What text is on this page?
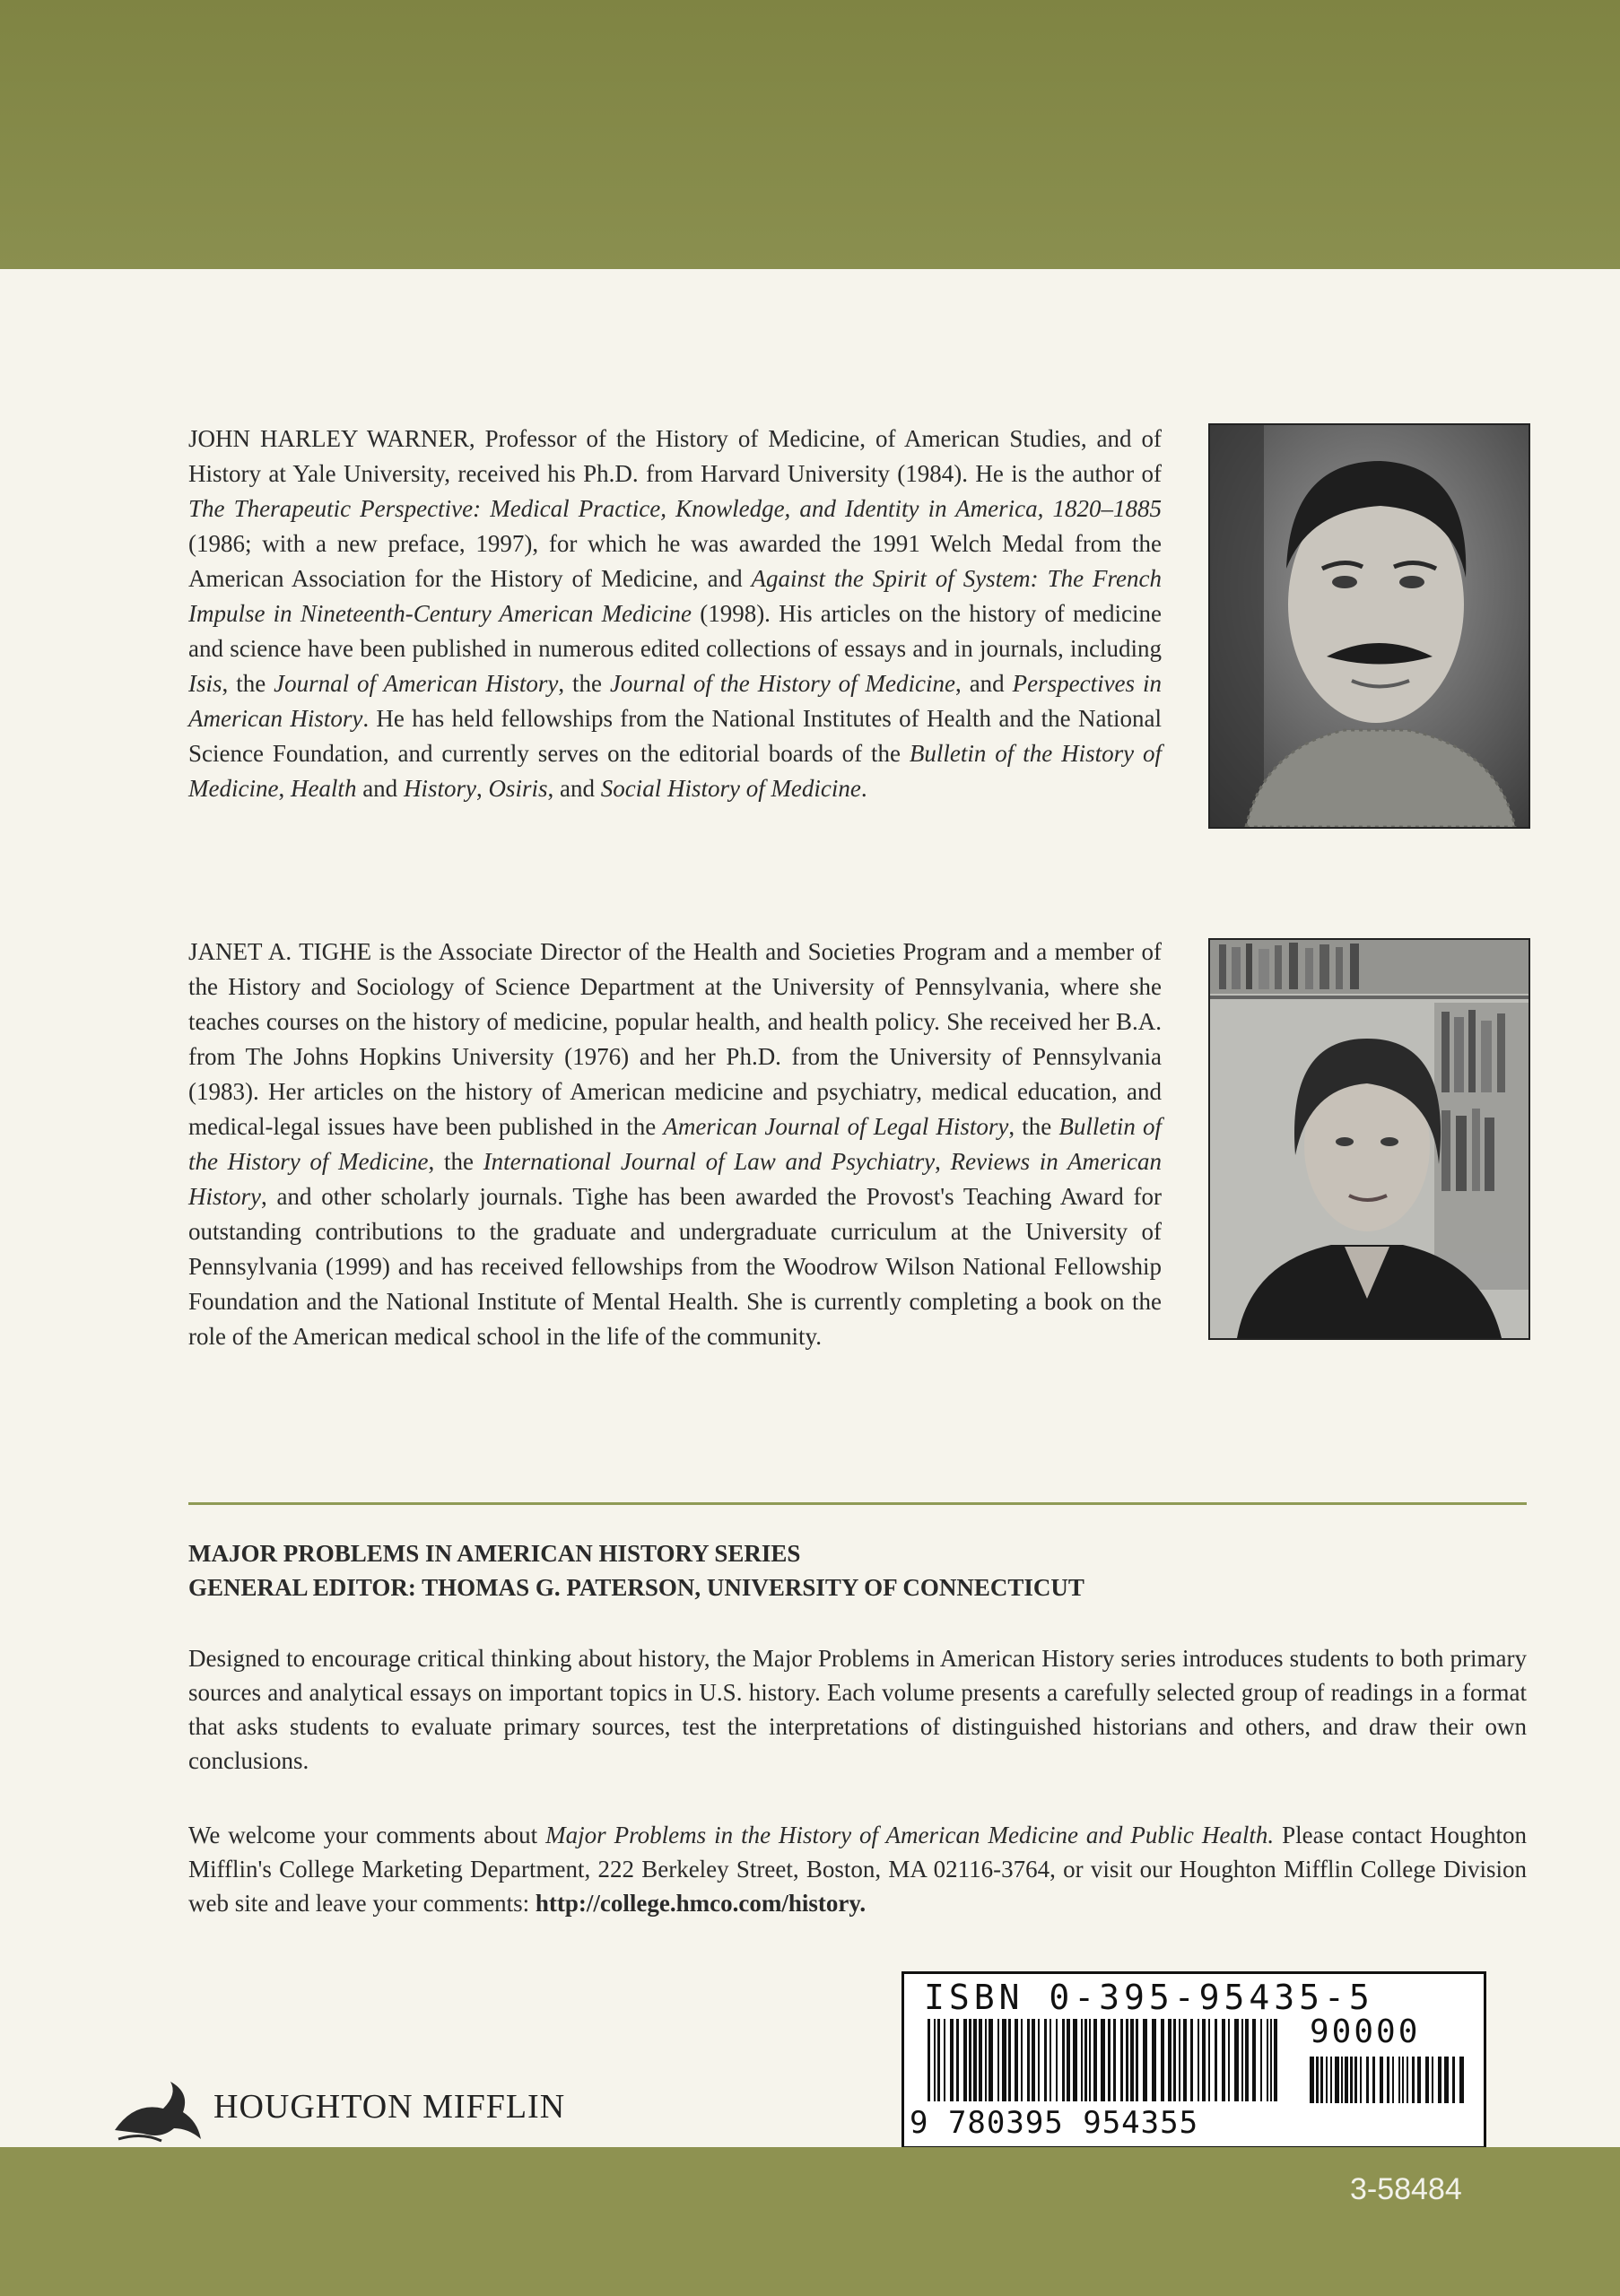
JOHN HARLEY WARNER, Professor of the History of Medicine, of American Studies, and of History at Yale University, received his Ph.D. from Harvard University (1984). He is the author of The Therapeutic Perspective: Medical Practice, Knowledge, and Identity in America, 1820–1885 (1986; with a new preface, 1997), for which he was awarded the 1991 Welch Medal from the American Association for the History of Medicine, and Against the Spirit of System: The French Impulse in Nineteenth-Century American Medicine (1998). His articles on the history of medicine and science have been published in numerous edited collections of essays and in journals, including Isis, the Journal of American History, the Journal of the History of Medicine, and Perspectives in American History. He has held fellowships from the National Institutes of Health and the National Science Foundation, and currently serves on the editorial boards of the Bulletin of the History of Medicine, Health and History, Osiris, and Social History of Medicine.

JANET A. TIGHE is the Associate Director of the Health and Societies Program and a member of the History and Sociology of Science Department at the University of Pennsylvania, where she teaches courses on the history of medicine, popular health, and health policy. She received her B.A. from The Johns Hopkins University (1976) and her Ph.D. from the University of Pennsylvania (1983). Her articles on the history of American medicine and psychiatry, medical education, and medical-legal issues have been published in the American Journal of Legal History, the Bulletin of the History of Medicine, the International Journal of Law and Psychiatry, Reviews in American History, and other scholarly journals. Tighe has been awarded the Provost's Teaching Award for outstanding contributions to the graduate and undergraduate curriculum at the University of Pennsylvania (1999) and has received fellowships from the Woodrow Wilson National Fellowship Foundation and the National Institute of Mental Health. She is currently completing a book on the role of the American medical school in the life of the community.

MAJOR PROBLEMS IN AMERICAN HISTORY SERIES
GENERAL EDITOR: THOMAS G. PATERSON, UNIVERSITY OF CONNECTICUT

Designed to encourage critical thinking about history, the Major Problems in American History series introduces students to both primary sources and analytical essays on important topics in U.S. history. Each volume presents a carefully selected group of readings in a format that asks students to evaluate primary sources, test the interpretations of distinguished historians and others, and draw their own conclusions.

We welcome your comments about Major Problems in the History of American Medicine and Public Health. Please contact Houghton Mifflin's College Marketing Department, 222 Berkeley Street, Boston, MA 02116-3764, or visit our Houghton Mifflin College Division web site and leave your comments: http://college.hmco.com/history.

HOUGHTON MIFFLIN
ISBN 0-395-95435-5
90000
9 780395 954355
3-58484
